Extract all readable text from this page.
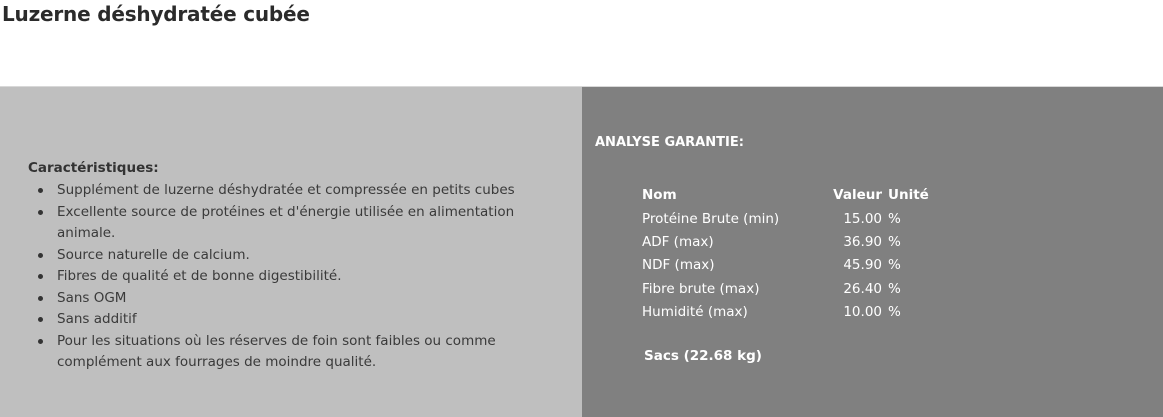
Luzerne déshydratée cubée
Caractéristiques:
Supplément de luzerne déshydratée et compressée en petits cubes
Excellente source de protéines et d'énergie utilisée en alimentation animale.
Source naturelle de calcium.
Fibres de qualité et de bonne digestibilité.
Sans OGM
Sans additif
Pour les situations où les réserves de foin sont faibles ou comme complément aux fourrages de moindre qualité.
ANALYSE GARANTIE:
Nom	Valeur	Unité
Protéine Brute (min)	15.00	%
ADF (max)	36.90	%
NDF (max)	45.90	%
Fibre brute (max)	26.40	%
Humidité (max)	10.00	%
Sacs (22.68 kg)
